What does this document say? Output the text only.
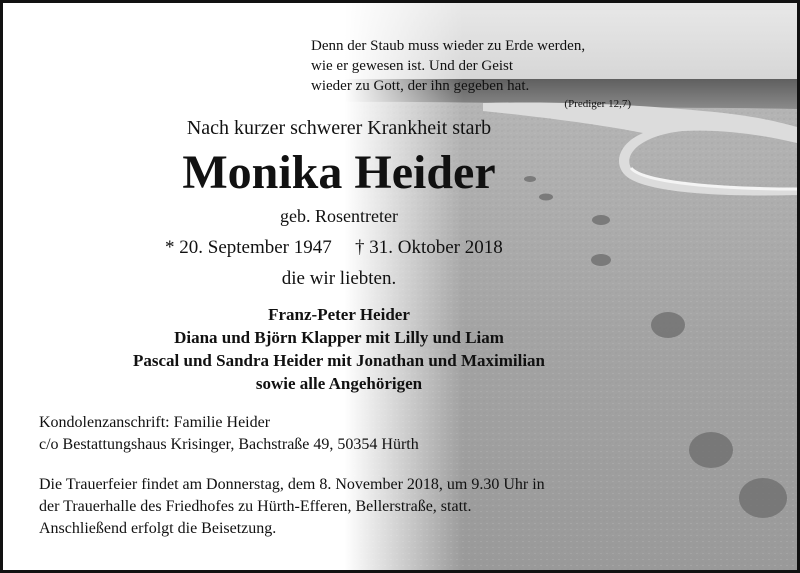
Denn der Staub muss wieder zu Erde werden,
wie er gewesen ist. Und der Geist
wieder zu Gott, der ihn gegeben hat.
(Prediger 12,7)
Nach kurzer schwerer Krankheit starb
Monika Heider
geb. Rosentreter
* 20. September 1947 † 31. Oktober 2018
die wir liebten.
Franz-Peter Heider
Diana und Björn Klapper mit Lilly und Liam
Pascal und Sandra Heider mit Jonathan und Maximilian
sowie alle Angehörigen
Kondolenzanschrift: Familie Heider
c/o Bestattungshaus Krisinger, Bachstraße 49, 50354 Hürth
Die Trauerfeier findet am Donnerstag, dem 8. November 2018, um 9.30 Uhr in
der Trauerhalle des Friedhofes zu Hürth-Efferen, Bellerstraße, statt.
Anschließend erfolgt die Beisetzung.
